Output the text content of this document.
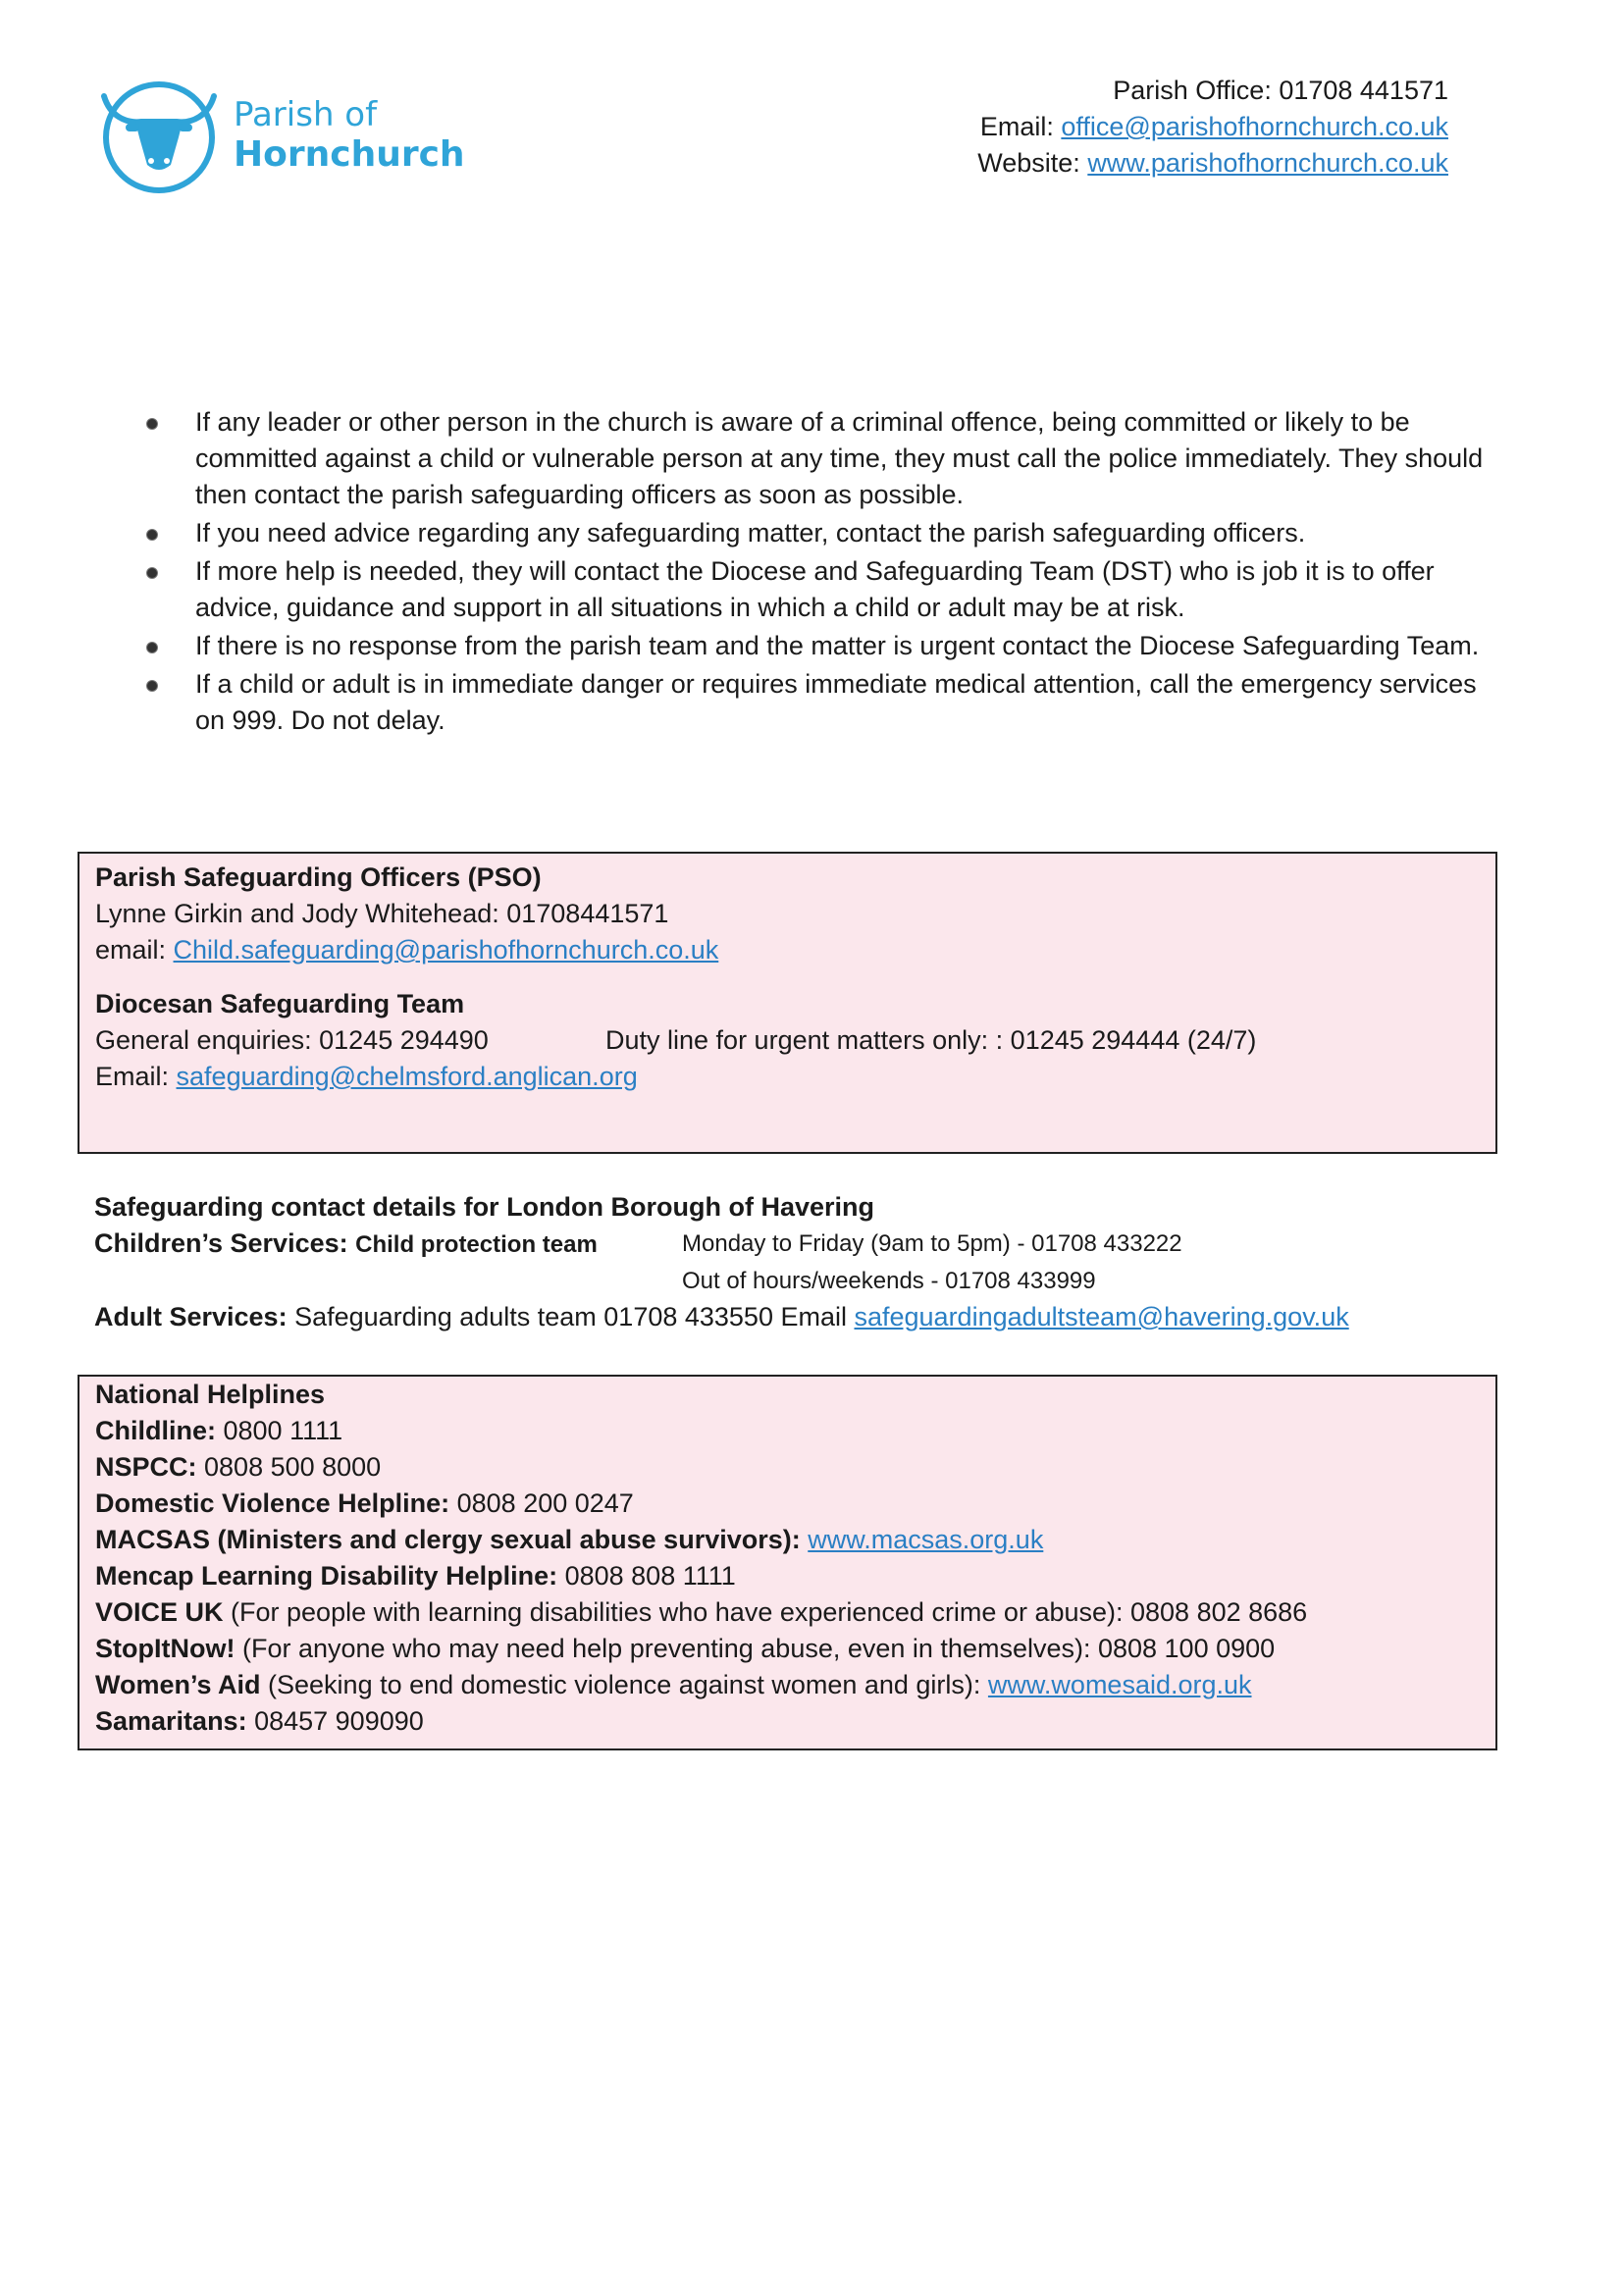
Parish of
Hornchurch
Parish Office: 01708 441571
Email: office@parishofhornchurch.co.uk
Website: www.parishofhornchurch.co.uk
If any leader or other person in the church is aware of a criminal offence, being committed or likely to be committed against a child or vulnerable person at any time, they must call the police immediately. They should then contact the parish safeguarding officers as soon as possible.
If you need advice regarding any safeguarding matter, contact the parish safeguarding officers.
If more help is needed, they will contact the Diocese and Safeguarding Team (DST) who is job it is to offer advice, guidance and support in all situations in which a child or adult may be at risk.
If there is no response from the parish team and the matter is urgent contact the Diocese Safeguarding Team.
If a child or adult is in immediate danger or requires immediate medical attention, call the emergency services on 999. Do not delay.
Parish Safeguarding Officers (PSO)
Lynne Girkin and Jody Whitehead: 01708441571
email: Child.safeguarding@parishofhornchurch.co.uk
Diocesan Safeguarding Team
General enquiries: 01245 294490	Duty line for urgent matters only: : 01245 294444 (24/7)
Email: safeguarding@chelmsford.anglican.org
Safeguarding contact details for London Borough of Havering
Children’s Services: Child protection team	Monday to Friday (9am to 5pm) - 01708 433222
Out of hours/weekends - 01708 433999
Adult Services: Safeguarding adults team 01708 433550 Email safeguardingadultsteam@havering.gov.uk
National Helplines
Childline: 0800 1111
NSPCC: 0808 500 8000
Domestic Violence Helpline: 0808 200 0247
MACSAS (Ministers and clergy sexual abuse survivors): www.macsas.org.uk
Mencap Learning Disability Helpline: 0808 808 1111
VOICE UK (For people with learning disabilities who have experienced crime or abuse): 0808 802 8686
StopItNow! (For anyone who may need help preventing abuse, even in themselves): 0808 100 0900
Women’s Aid (Seeking to end domestic violence against women and girls): www.womesaid.org.uk
Samaritans: 08457 909090
